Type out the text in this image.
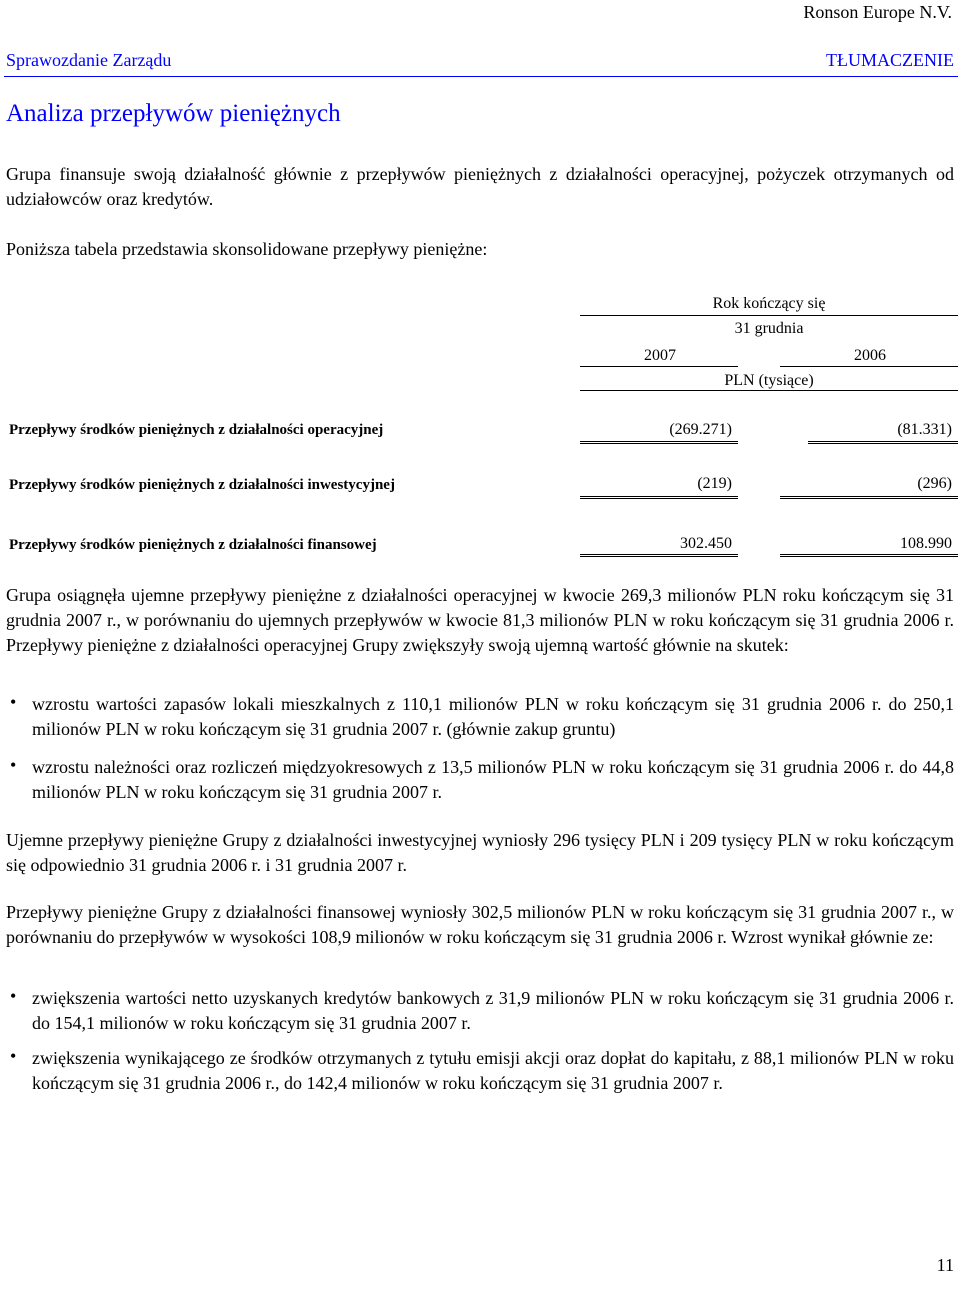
Ronson Europe N.V.
Sprawozdanie Zarządu	TŁUMACZENIE
Analiza przepływów pieniężnych
Grupa finansuje swoją działalność głównie z przepływów pieniężnych z działalności operacyjnej, pożyczek otrzymanych od udziałowców oraz kredytów.
Poniższa tabela przedstawia skonsolidowane przepływy pieniężne:
Rok kończący się
31 grudnia
2007	2006
PLN (tysiące)
Przepływy środków pieniężnych z działalności operacyjnej	(269.271)	(81.331)
Przepływy środków pieniężnych z działalności inwestycyjnej	(219)	(296)
Przepływy środków pieniężnych z działalności finansowej	302.450	108.990
Grupa osiągnęła ujemne przepływy pieniężne z działalności operacyjnej w kwocie 269,3 milionów PLN roku kończącym się 31 grudnia 2007 r., w porównaniu do ujemnych przepływów w kwocie 81,3 milionów PLN w roku kończącym się 31 grudnia 2006 r. Przepływy pieniężne z działalności operacyjnej Grupy zwiększyły swoją ujemną wartość głównie na skutek:
• wzrostu wartości zapasów lokali mieszkalnych z 110,1 milionów PLN w roku kończącym się 31 grudnia 2006 r. do 250,1 milionów PLN w roku kończącym się 31 grudnia 2007 r. (głównie zakup gruntu)
• wzrostu należności oraz rozliczeń międzyokresowych z 13,5 milionów PLN w roku kończącym się 31 grudnia 2006 r. do 44,8 milionów PLN w roku kończącym się 31 grudnia 2007 r.
Ujemne przepływy pieniężne Grupy z działalności inwestycyjnej wyniosły 296 tysięcy PLN i 209 tysięcy PLN w roku kończącym się odpowiednio 31 grudnia 2006 r. i 31 grudnia 2007 r.
Przepływy pieniężne Grupy z działalności finansowej wyniosły 302,5 milionów PLN w roku kończącym się 31 grudnia 2007 r., w porównaniu do przepływów w wysokości 108,9 milionów w roku kończącym się 31 grudnia 2006 r. Wzrost wynikał głównie ze:
• zwiększenia wartości netto uzyskanych kredytów bankowych z 31,9 milionów PLN w roku kończącym się 31 grudnia 2006 r. do 154,1 milionów w roku kończącym się 31 grudnia 2007 r.
• zwiększenia wynikającego ze środków otrzymanych z tytułu emisji akcji oraz dopłat do kapitału, z 88,1 milionów PLN w roku kończącym się 31 grudnia 2006 r., do 142,4 milionów w roku kończącym się 31 grudnia 2007 r.
11
